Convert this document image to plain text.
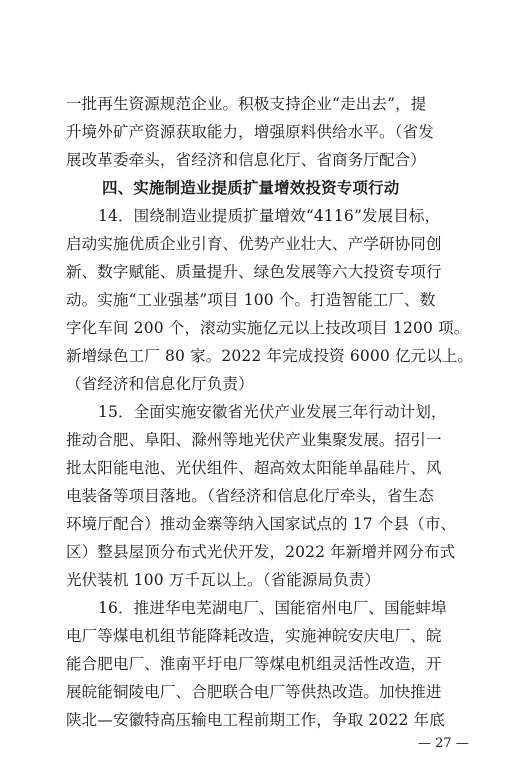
一批再生资源规范企业。积极支持企业“走出去”，提
升境外矿产资源获取能力，增强原料供给水平。（省发
展改革委牵头，省经济和信息化厅、省商务厅配合）
四、实施制造业提质扩量增效投资专项行动
14．围绕制造业提质扩量增效“4116”发展目标，
启动实施优质企业引育、优势产业壮大、产学研协同创
新、数字赋能、质量提升、绿色发展等六大投资专项行
动。实施“工业强基”项目 100 个。打造智能工厂、数
字化车间 200 个，滚动实施亿元以上技改项目 1200 项。
新增绿色工厂 80 家。2022 年完成投资 6000 亿元以上。
（省经济和信息化厅负责）
15．全面实施安徽省光伏产业发展三年行动计划，
推动合肥、阜阳、滁州等地光伏产业集聚发展。招引一
批太阳能电池、光伏组件、超高效太阳能单晶硅片、风
电装备等项目落地。（省经济和信息化厅牵头，省生态
环境厅配合）推动金寨等纳入国家试点的 17 个县（市、
区）整县屋顶分布式光伏开发，2022 年新增并网分布式
光伏装机 100 万千瓦以上。（省能源局负责）
16．推进华电芜湖电厂、国能宿州电厂、国能蚌埠
电厂等煤电机组节能降耗改造，实施神皖安庆电厂、皖
能合肥电厂、淮南平圩电厂等煤电机组灵活性改造，开
展皖能铜陵电厂、合肥联合电厂等供热改造。加快推进
陕北—安徽特高压输电工程前期工作，争取 2022 年底
— 27 —
